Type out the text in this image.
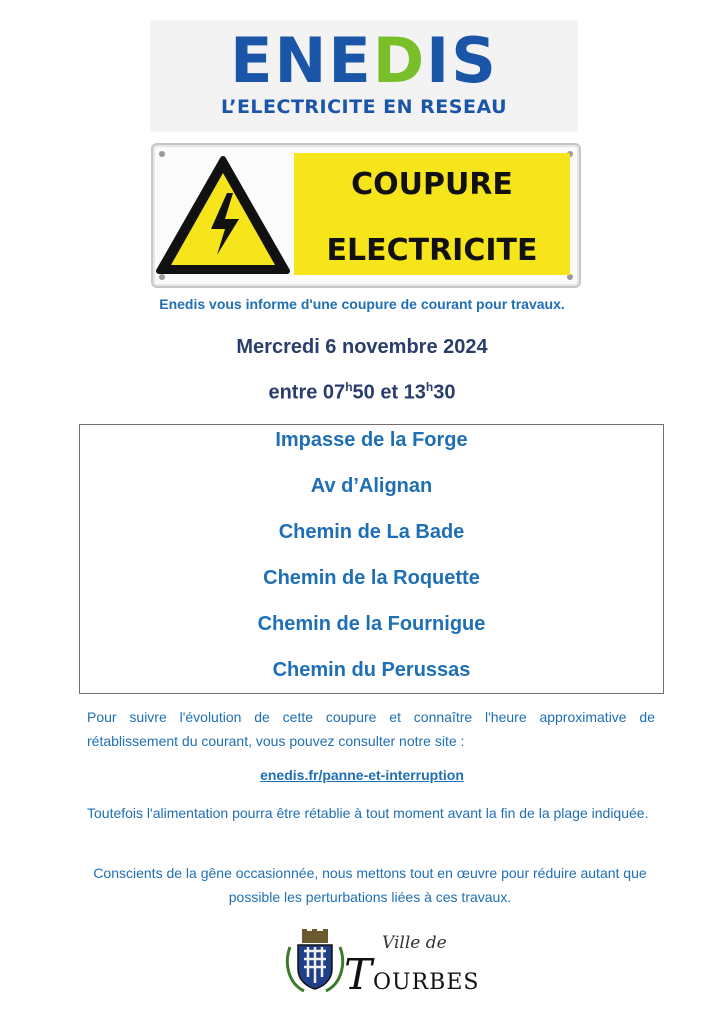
ENEDIS
L’ELECTRICITE EN RESEAU
COUPURE
ELECTRICITE
Enedis vous informe d'une coupure de courant pour travaux.
Mercredi 6 novembre 2024
entre 07$^h$50 et 13$^h$30
Impasse de la Forge
Av d’Alignan
Chemin de La Bade
Chemin de la Roquette
Chemin de la Fournigue
Chemin du Perussas
Pour suivre l'évolution de cette coupure et connaître l'heure approximative de rétablissement du courant, vous pouvez consulter notre site :
enedis.fr/panne-et-interruption
Toutefois l'alimentation pourra être rétablie à tout moment avant la fin de la plage indiquée.
Conscients de la gêne occasionnée, nous mettons tout en œuvre pour réduire autant que possible les perturbations liées à ces travaux.
Ville de
TOURBES
